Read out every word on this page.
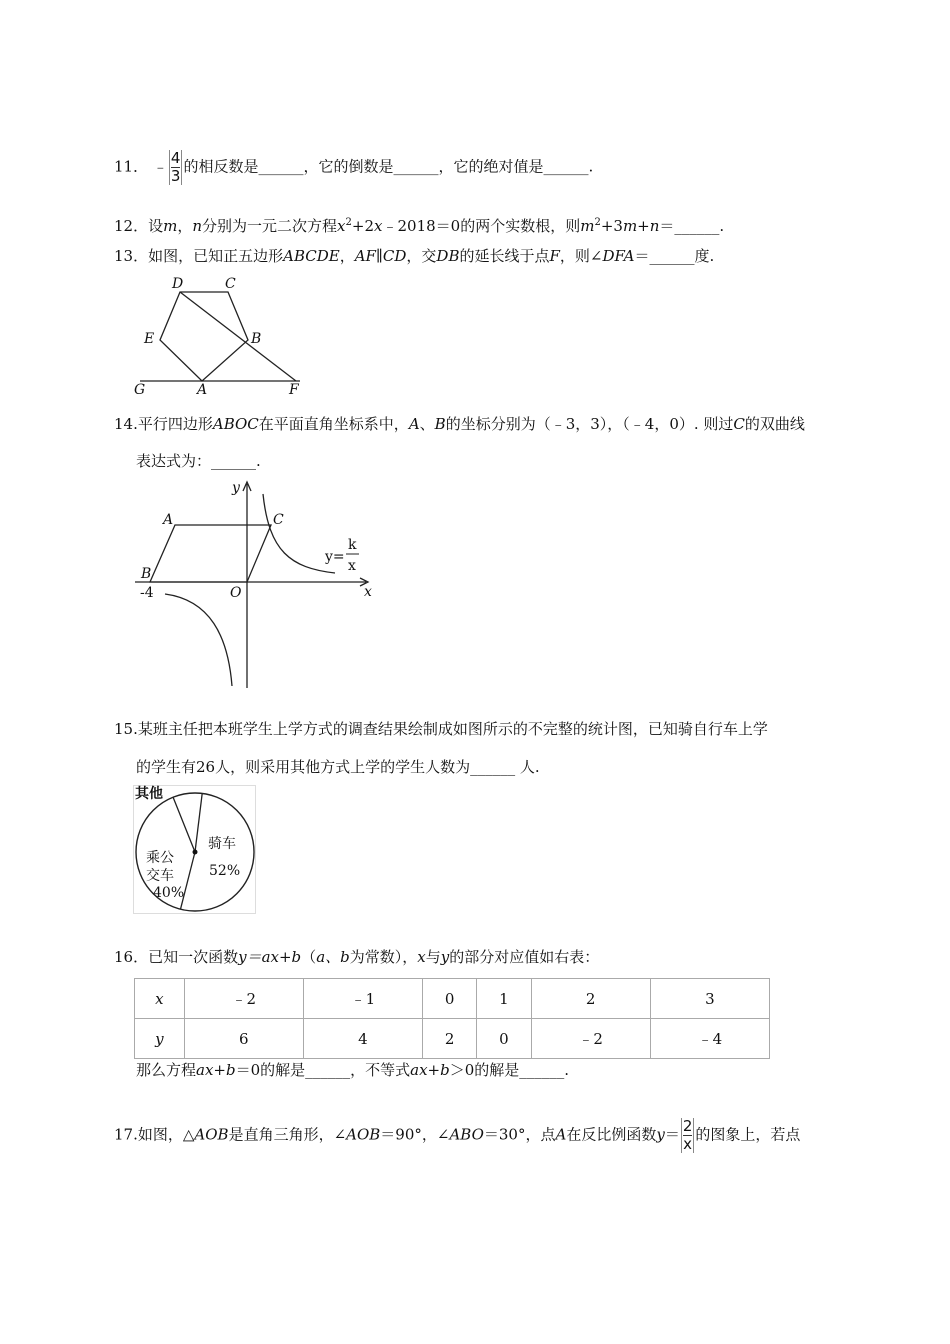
11． ﹣ $\frac{4}{3}$ 的相反数是______，它的倒数是______，它的绝对值是______.
12．设m，n分别为一元二次方程$x^2+2x﹣2018=0$的两个实数根，则$m^2+3m+n=\_\_\_\_\_\_$.
13．如图，已知正五边形ABCDE，AF∥CD，交DB的延长线于点F，则∠DFA＝______度.
D	C
E	B
G	A	F
14.平行四边形ABOC在平面直角坐标系中，A、B的坐标分别为（﹣3，3），（﹣4，0）. 则过C的双曲线
表达式为：______.
y
x
A
B
C
O
-4
y=
k
x
15.某班主任把本班学生上学方式的调查结果绘制成如图所示的不完整的统计图，已知骑自行车上学
的学生有26人，则采用其他方式上学的学生人数为______ 人.
其他
骑车
52%
乘公
交车
40%
16．已知一次函数y＝ax+b（a、b为常数），x与y的部分对应值如右表：
x	﹣2	﹣1	0	1	2	3
y	6	4	2	0	﹣2	﹣4
那么方程ax+b＝0的解是______，不等式ax+b＞0的解是______.
17.如图，△AOB是直角三角形，∠AOB＝90°，∠ABO＝30°，点A在反比例函数$y= \frac{2}{x}$ 的图象上，若点
